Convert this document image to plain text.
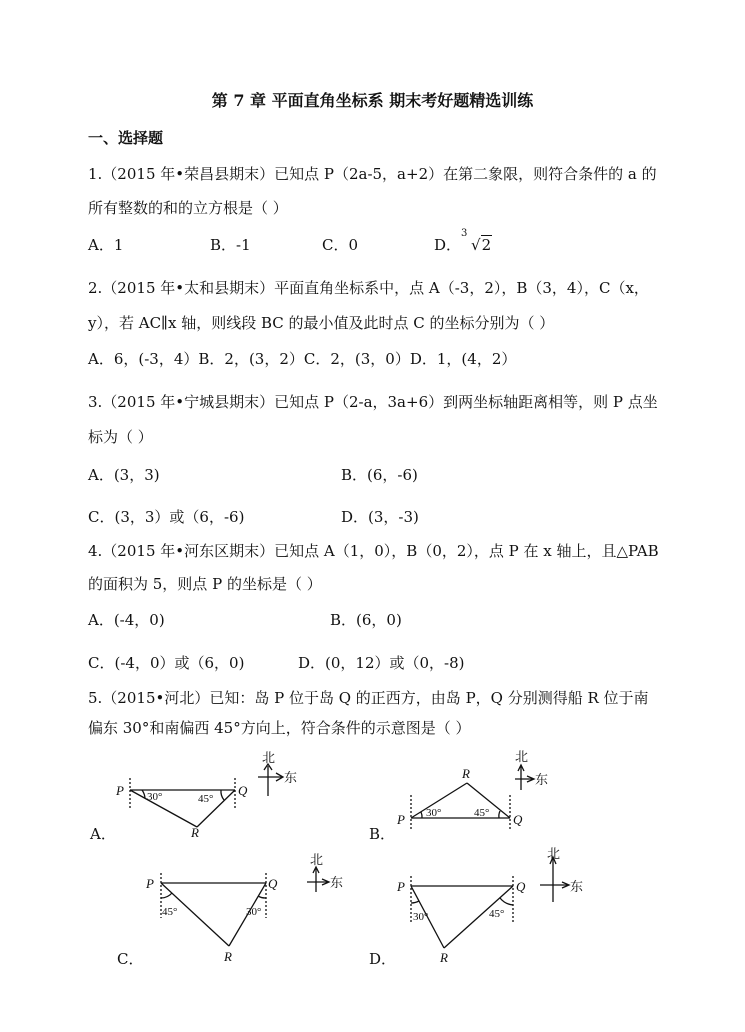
第 7 章 平面直角坐标系 期末考好题精选训练
一、选择题
1.（2015 年•荣昌县期末）已知点 P（2a-5，a+2）在第二象限，则符合条件的 a 的
所有整数的和的立方根是（ ）
A．1	B．-1	C．0	D．
3
√2
2.（2015 年•太和县期末）平面直角坐标系中，点 A（-3，2），B（3，4），C（x，
y），若 AC∥x 轴，则线段 BC 的最小值及此时点 C 的坐标分别为（ ）
A．6，(-3，4）B．2，(3，2）C．2，(3，0）D．1，(4，2）
3.（2015 年•宁城县期末）已知点 P（2-a，3a+6）到两坐标轴距离相等，则 P 点坐
标为（ ）
A．(3，3)	B．(6，-6)
C．(3，3）或（6，-6)	D．(3，-3)
4.（2015 年•河东区期末）已知点 A（1，0），B（0，2），点 P 在 x 轴上，且△PAB
的面积为 5，则点 P 的坐标是（ ）
A．(-4，0)	B．(6，0)
C．(-4，0）或（6，0)	D．(0，12）或（0，-8)
5.（2015•河北）已知：岛 P 位于岛 Q 的正西方，由岛 P，Q 分别测得船 R 位于南
偏东 30°和南偏西 45°方向上，符合条件的示意图是（ ）
A．	B．
C．	D．
P	Q
R
P	Q
R
P	Q
R
P	Q
R
30°	45°
30°	45°
45°	30°	30°	45°
北
东
北
东
北
东
北
东
